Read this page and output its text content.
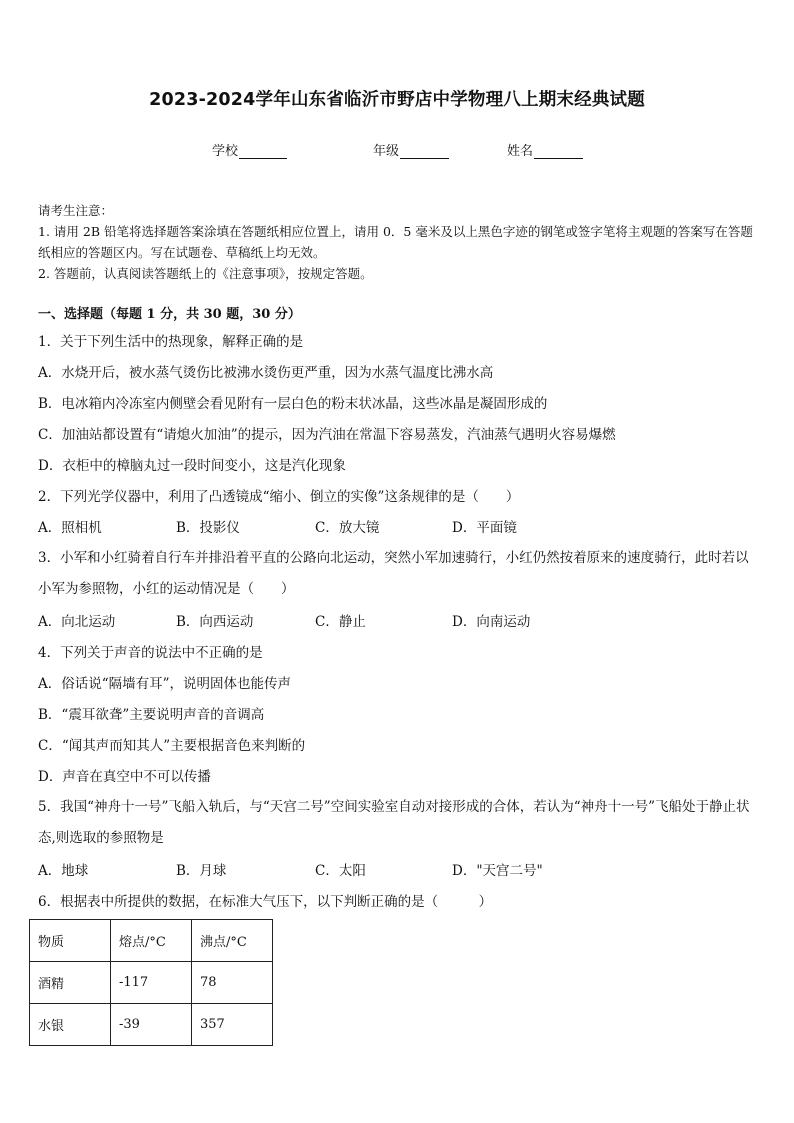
2023-2024学年山东省临沂市野店中学物理八上期末经典试题
学校	年级	姓名
请考生注意：
1. 请用 2B 铅笔将选择题答案涂填在答题纸相应位置上，请用 0．5 毫米及以上黑色字迹的钢笔或签字笔将主观题的答案写在答题纸相应的答题区内。写在试题卷、草稿纸上均无效。
2. 答题前，认真阅读答题纸上的《注意事项》，按规定答题。
一、选择题（每题 1 分，共 30 题，30 分）
1．关于下列生活中的热现象，解释正确的是
A．水烧开后，被水蒸气烫伤比被沸水烫伤更严重，因为水蒸气温度比沸水高
B．电冰箱内冷冻室内侧壁会看见附有一层白色的粉末状冰晶，这些冰晶是凝固形成的
C．加油站都设置有“请熄火加油”的提示，因为汽油在常温下容易蒸发，汽油蒸气遇明火容易爆燃
D．衣柜中的樟脑丸过一段时间变小，这是汽化现象
2．下列光学仪器中，利用了凸透镜成“缩小、倒立的实像”这条规律的是（　　）
A．照相机	B．投影仪	C．放大镜	D．平面镜
3．小军和小红骑着自行车并排沿着平直的公路向北运动，突然小军加速骑行，小红仍然按着原来的速度骑行，此时若以小军为参照物，小红的运动情况是（　　）
A．向北运动	B．向西运动	C．静止	D．向南运动
4．下列关于声音的说法中不正确的是
A．俗话说“隔墙有耳”，说明固体也能传声
B．“震耳欲聋”主要说明声音的音调高
C．“闻其声而知其人”主要根据音色来判断的
D．声音在真空中不可以传播
5．我国“神舟十一号”飞船入轨后，与“天宫二号”空间实验室自动对接形成的合体，若认为“神舟十一号”飞船处于静止状态,则选取的参照物是
A．地球	B．月球	C．太阳	D．"天宫二号"
6．根据表中所提供的数据，在标准大气压下，以下判断正确的是（　　　）
物质	熔点/°C	沸点/°C
酒精	-117	78
水银	-39	357
